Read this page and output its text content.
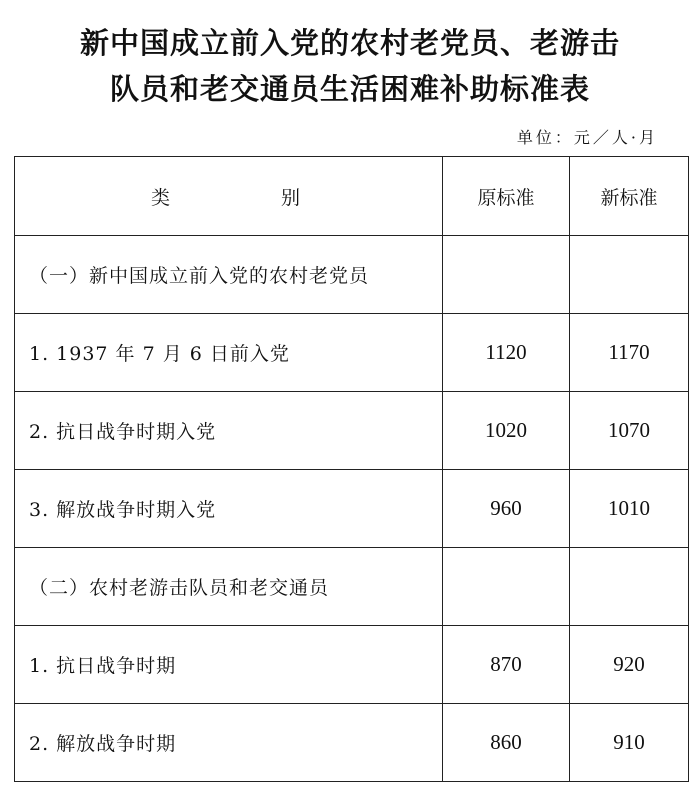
新中国成立前入党的农村老党员、老游击
队员和老交通员生活困难补助标准表
单位：元／人·月
类　别	原标准	新标准
（一）新中国成立前入党的农村老党员		
1. 1937 年 7 月 6 日前入党	1120	1170
2. 抗日战争时期入党	1020	1070
3. 解放战争时期入党	960	1010
（二）农村老游击队员和老交通员		
1. 抗日战争时期	870	920
2. 解放战争时期	860	910
